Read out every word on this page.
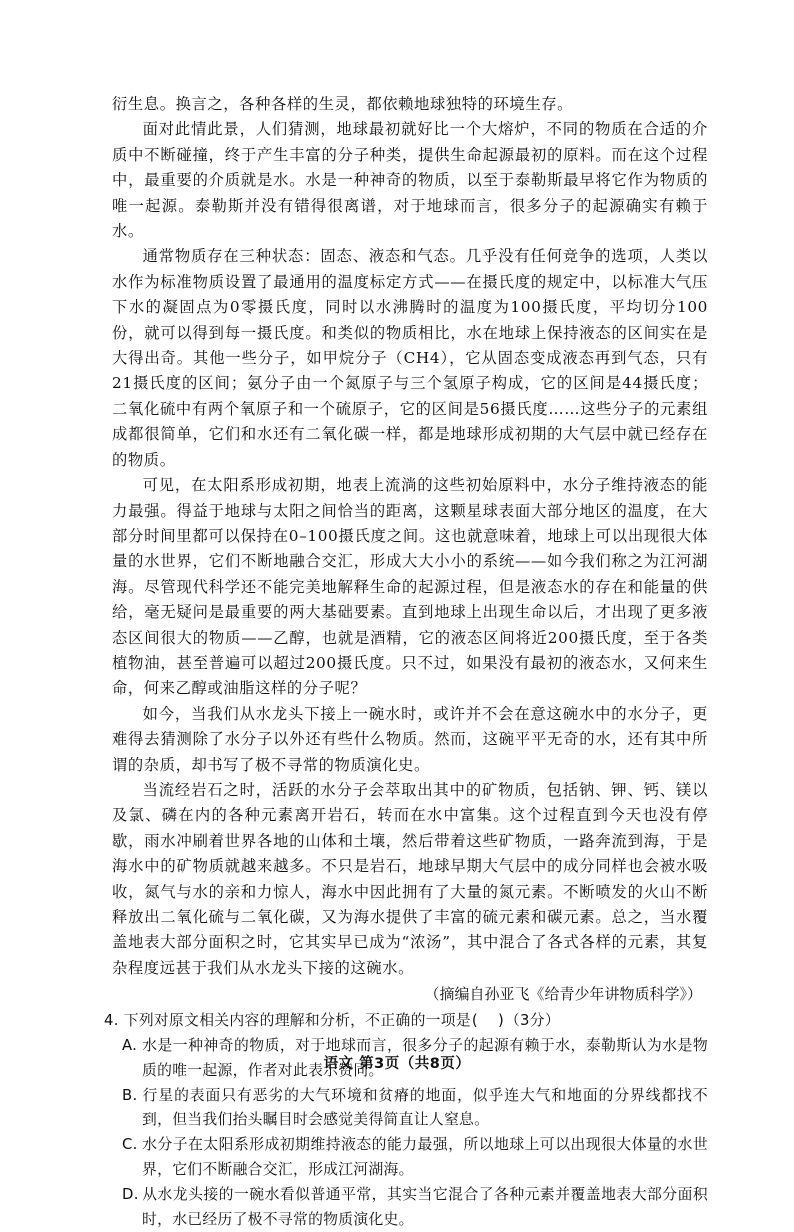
衍生息。换言之，各种各样的生灵，都依赖地球独特的环境生存。

面对此情此景，人们猜测，地球最初就好比一个大熔炉，不同的物质在合适的介质中不断碰撞，终于产生丰富的分子种类，提供生命起源最初的原料。而在这个过程中，最重要的介质就是水。水是一种神奇的物质，以至于泰勒斯最早将它作为物质的唯一起源。泰勒斯并没有错得很离谱，对于地球而言，很多分子的起源确实有赖于水。

通常物质存在三种状态：固态、液态和气态。几乎没有任何竞争的选项，人类以水作为标准物质设置了最通用的温度标定方式——在摄氏度的规定中，以标准大气压下水的凝固点为0零摄氏度，同时以水沸腾时的温度为100摄氏度，平均切分100份，就可以得到每一摄氏度。和类似的物质相比，水在地球上保持液态的区间实在是大得出奇。其他一些分子，如甲烷分子（CH4），它从固态变成液态再到气态，只有21摄氏度的区间；氨分子由一个氮原子与三个氢原子构成，它的区间是44摄氏度；二氧化硫中有两个氧原子和一个硫原子，它的区间是56摄氏度……这些分子的元素组成都很简单，它们和水还有二氧化碳一样，都是地球形成初期的大气层中就已经存在的物质。

可见，在太阳系形成初期，地表上流淌的这些初始原料中，水分子维持液态的能力最强。得益于地球与太阳之间恰当的距离，这颗星球表面大部分地区的温度，在大部分时间里都可以保持在0–100摄氏度之间。这也就意味着，地球上可以出现很大体量的水世界，它们不断地融合交汇，形成大大小小的系统——如今我们称之为江河湖海。尽管现代科学还不能完美地解释生命的起源过程，但是液态水的存在和能量的供给，毫无疑问是最重要的两大基础要素。直到地球上出现生命以后，才出现了更多液态区间很大的物质——乙醇，也就是酒精，它的液态区间将近200摄氏度，至于各类植物油，甚至普遍可以超过200摄氏度。只不过，如果没有最初的液态水，又何来生命，何来乙醇或油脂这样的分子呢？

如今，当我们从水龙头下接上一碗水时，或许并不会在意这碗水中的水分子，更难得去猜测除了水分子以外还有些什么物质。然而，这碗平平无奇的水，还有其中所谓的杂质，却书写了极不寻常的物质演化史。

当流经岩石之时，活跃的水分子会萃取出其中的矿物质，包括钠、钾、钙、镁以及氯、磷在内的各种元素离开岩石，转而在水中富集。这个过程直到今天也没有停歇，雨水冲刷着世界各地的山体和土壤，然后带着这些矿物质，一路奔流到海，于是海水中的矿物质就越来越多。不只是岩石，地球早期大气层中的成分同样也会被水吸收，氮气与水的亲和力惊人，海水中因此拥有了大量的氮元素。不断喷发的火山不断释放出二氧化硫与二氧化碳，又为海水提供了丰富的硫元素和碳元素。总之，当水覆盖地表大部分面积之时，它其实早已成为“浓汤”，其中混合了各式各样的元素，其复杂程度远甚于我们从水龙头下接的这碗水。

（摘编自孙亚飞《给青少年讲物质科学》）

4. 下列对原文相关内容的理解和分析，不正确的一项是( )（3分）

A. 水是一种神奇的物质，对于地球而言，很多分子的起源有赖于水，泰勒斯认为水是物质的唯一起源，作者对此表示赞同。

B. 行星的表面只有恶劣的大气环境和贫瘠的地面，似乎连大气和地面的分界线都找不到，但当我们抬头瞩目时会感觉美得简直让人窒息。

C. 水分子在太阳系形成初期维持液态的能力最强，所以地球上可以出现很大体量的水世界，它们不断融合交汇，形成江河湖海。

D. 从水龙头接的一碗水看似普通平常，其实当它混合了各种元素并覆盖地表大部分面积时，水已经历了极不寻常的物质演化史。

语文 第3页（共8页）
